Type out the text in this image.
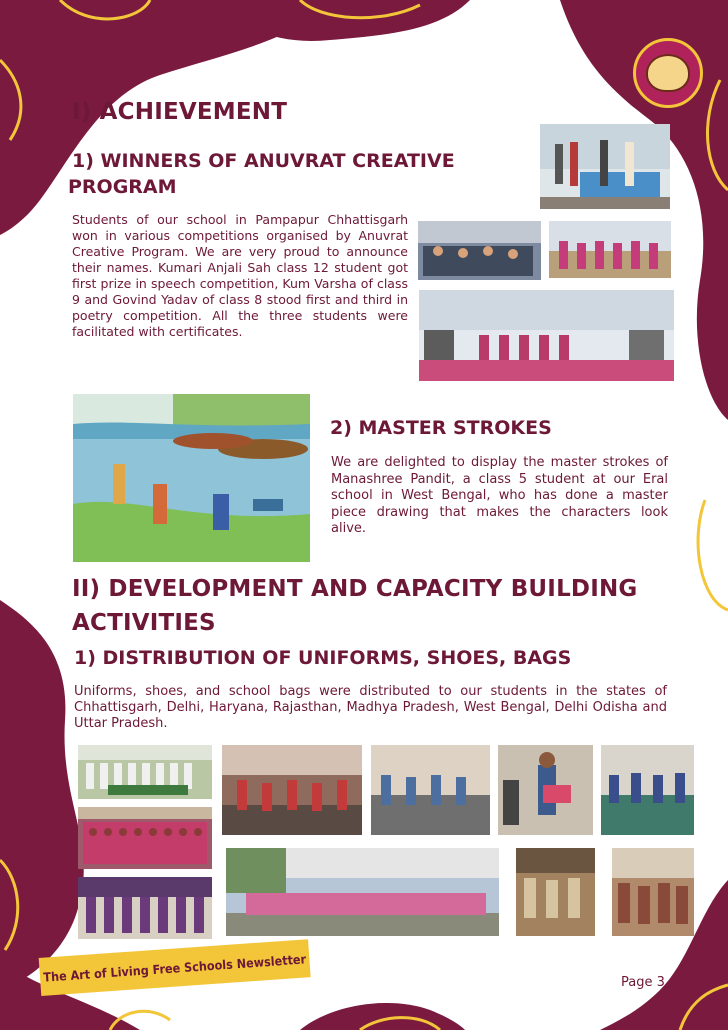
I) ACHIEVEMENT
1) WINNERS OF ANUVRAT CREATIVE
PROGRAM

Students of our school in Pampapur Chhattisgarh won in various competitions organised by Anuvrat Creative Program. We are very proud to announce their names. Kumari Anjali Sah class 12 student got first prize in speech competition, Kum Varsha of class 9 and Govind Yadav of class 8 stood first and third in poetry competition. All the three students were facilitated with certificates.

2) MASTER STROKES

We are delighted to display the master strokes of Manashree Pandit, a class 5 student at our Eral school in West Bengal, who has done a master piece drawing that makes the characters look alive.

II) DEVELOPMENT AND CAPACITY BUILDING
ACTIVITIES
1) DISTRIBUTION OF UNIFORMS, SHOES, BAGS

Uniforms, shoes, and school bags were distributed to our students in the states of Chhattisgarh, Delhi, Haryana, Rajasthan, Madhya Pradesh, West Bengal, Delhi Odisha and Uttar Pradesh.

The Art of Living Free Schools Newsletter	Page 3
